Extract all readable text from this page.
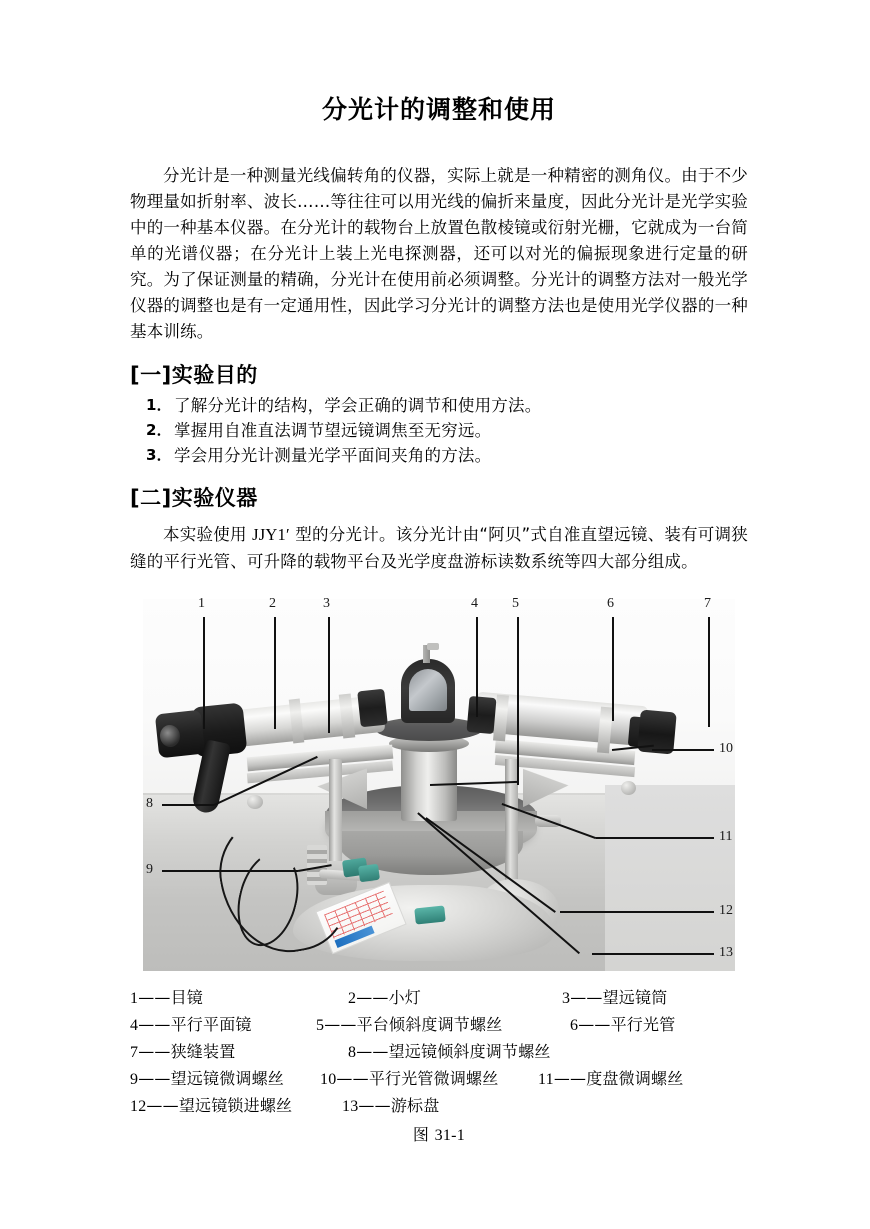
分光计的调整和使用

分光计是一种测量光线偏转角的仪器，实际上就是一种精密的测角仪。由于不少物理量如折射率、波长……等往往可以用光线的偏折来量度，因此分光计是光学实验中的一种基本仪器。在分光计的载物台上放置色散棱镜或衍射光栅，它就成为一台简单的光谱仪器；在分光计上装上光电探测器，还可以对光的偏振现象进行定量的研究。为了保证测量的精确，分光计在使用前必须调整。分光计的调整方法对一般光学仪器的调整也是有一定通用性，因此学习分光计的调整方法也是使用光学仪器的一种基本训练。

[一]实验目的
1． 了解分光计的结构，学会正确的调节和使用方法。
2． 掌握用自准直法调节望远镜调焦至无穷远。
3． 学会用分光计测量光学平面间夹角的方法。
[二]实验仪器

本实验使用 JJY1′ 型的分光计。该分光计由“阿贝”式自准直望远镜、装有可调狭缝的平行光管、可升降的载物平台及光学度盘游标读数系统等四大部分组成。

1	2	3	4 5	6	7
8
9
10
11
12
13
1——目镜	2——小灯	3——望远镜筒
4——平行平面镜	5——平台倾斜度调节螺丝	6——平行光管
7——狭缝装置	8——望远镜倾斜度调节螺丝
9——望远镜微调螺丝	10——平行光管微调螺丝	11——度盘微调螺丝
12——望远镜锁进螺丝	13——游标盘
图 31-1
